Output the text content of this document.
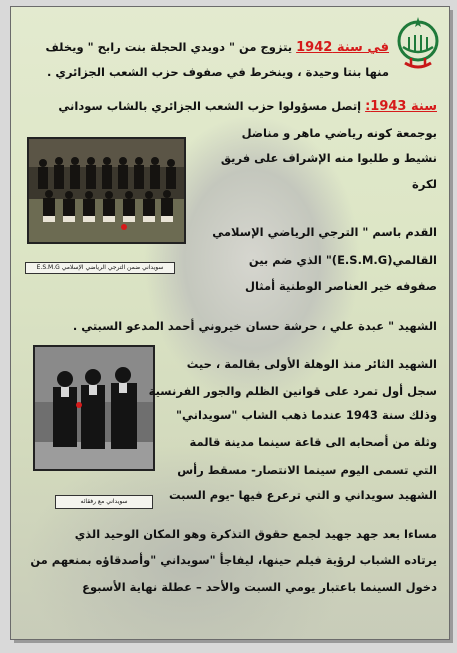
في سنة 1942 يتزوج من " دويدي الحجلة بنت رابح " ويخلف
منها بنتا وحيدة ، وينخرط في صفوف حزب الشعب الجزائري .
سنة 1943: إتصل مسؤولوا حزب الشعب الجزائري بالشاب سوداني
بوجمعة كونه رياضي ماهر و مناضل
نشيط و طلبوا منه الإشراف على فريق
لكرة
سويداني ضمن الترجي الرياضي الإسلامي E.S.M.G
القدم باسم " الترجي الرياضي الإسلامي
القالمي(E.S.M.G)" الذي ضم بين
صفوفه خير العناصر الوطنية أمثال
الشهيد " عبدة علي ، حرشة حسان خيروني أحمد المدعو السبتي .
سويداني مع رفقائه
الشهيد الثائر منذ الوهلة الأولى بقالمة ، حيث
سجل أول تمرد على قوانين الظلم والجور الفرنسية
وذلك سنة 1943 عندما ذهب الشاب "سويداني"
وثلة من أصحابه الى قاعة سينما مدينة قالمة
التي تسمى اليوم سينما الانتصار- مسقط رأس
الشهيد سويداني و التي ترعرع فيها -يوم السبت
مساءا بعد جهد جهيد لجمع حقوق التذكرة وهو المكان الوحيد الذي
يرتاده الشباب لرؤية فيلم حينها، ليفاجأ "سويداني "وأصدقاؤه بمنعهم من
دخول السينما باعتبار يومي السبت والأحد – عطلة نهاية الأسبوع
